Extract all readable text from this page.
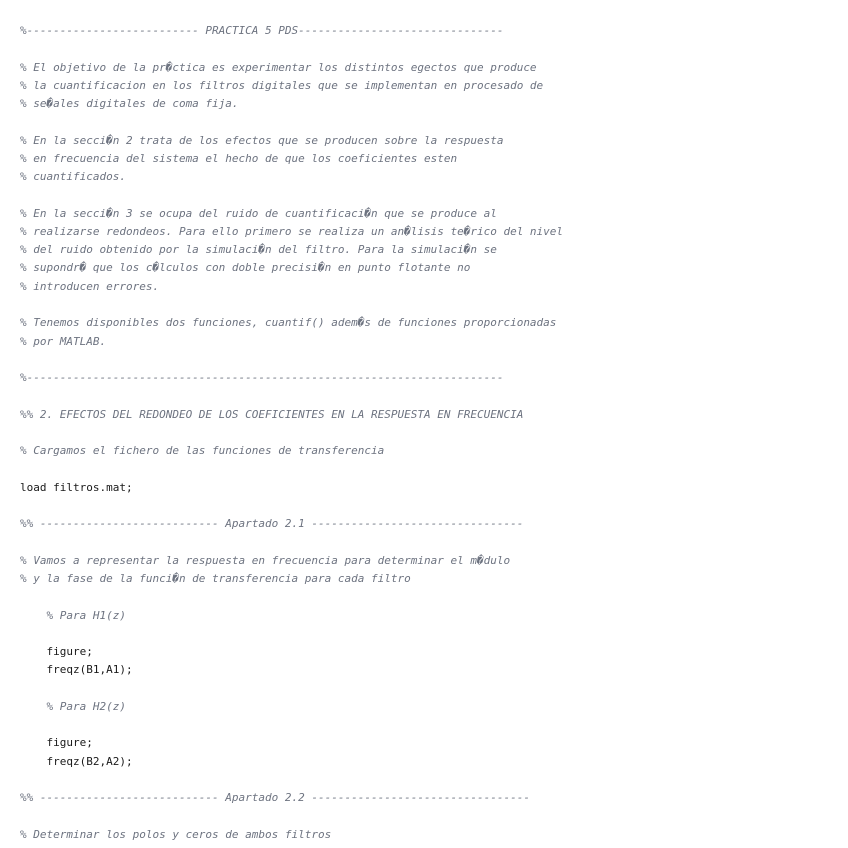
%-------------------------- PRACTICA 5 PDS-------------------------------
% El objetivo de la pr�ctica es experimentar los distintos egectos que produce
% la cuantificacion en los filtros digitales que se implementan en procesado de
% se�ales digitales de coma fija.
% En la secci�n 2 trata de los efectos que se producen sobre la respuesta
% en frecuencia del sistema el hecho de que los coeficientes esten
% cuantificados.
% En la secci�n 3 se ocupa del ruido de cuantificaci�n que se produce al
% realizarse redondeos. Para ello primero se realiza un an�lisis te�rico del nivel
% del ruido obtenido por la simulaci�n del filtro. Para la simulaci�n se
% supondr� que los c�lculos con doble precisi�n en punto flotante no
% introducen errores.
% Tenemos disponibles dos funciones, cuantif() adem�s de funciones proporcionadas
% por MATLAB.
%------------------------------------------------------------------------
%% 2. EFECTOS DEL REDONDEO DE LOS COEFICIENTES EN LA RESPUESTA EN FRECUENCIA
% Cargamos el fichero de las funciones de transferencia
load filtros.mat;
%% --------------------------- Apartado 2.1 --------------------------------
% Vamos a representar la respuesta en frecuencia para determinar el m�dulo
% y la fase de la funci�n de transferencia para cada filtro
% Para H1(z)
figure;
freqz(B1,A1);
% Para H2(z)
figure;
freqz(B2,A2);
%% --------------------------- Apartado 2.2 ---------------------------------
% Determinar los polos y ceros de ambos filtros
